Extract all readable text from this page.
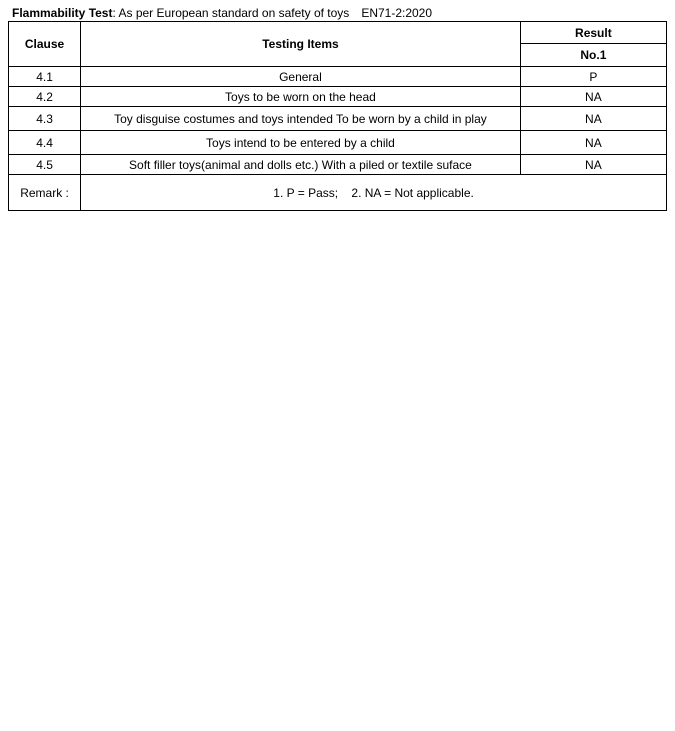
Flammability Test: As per European standard on safety of toys EN71-2:2020
Clause	Testing Items	Result
		No.1
4.1	General	P
4.2	Toys to be worn on the head	NA
4.3	Toy disguise costumes and toys intended To be worn by a child in play	NA
4.4	Toys intend to be entered by a child	NA
4.5	Soft filler toys(animal and dolls etc.) With a piled or textile suface	NA
Remark :	1. P = Pass;    2. NA = Not applicable.	
